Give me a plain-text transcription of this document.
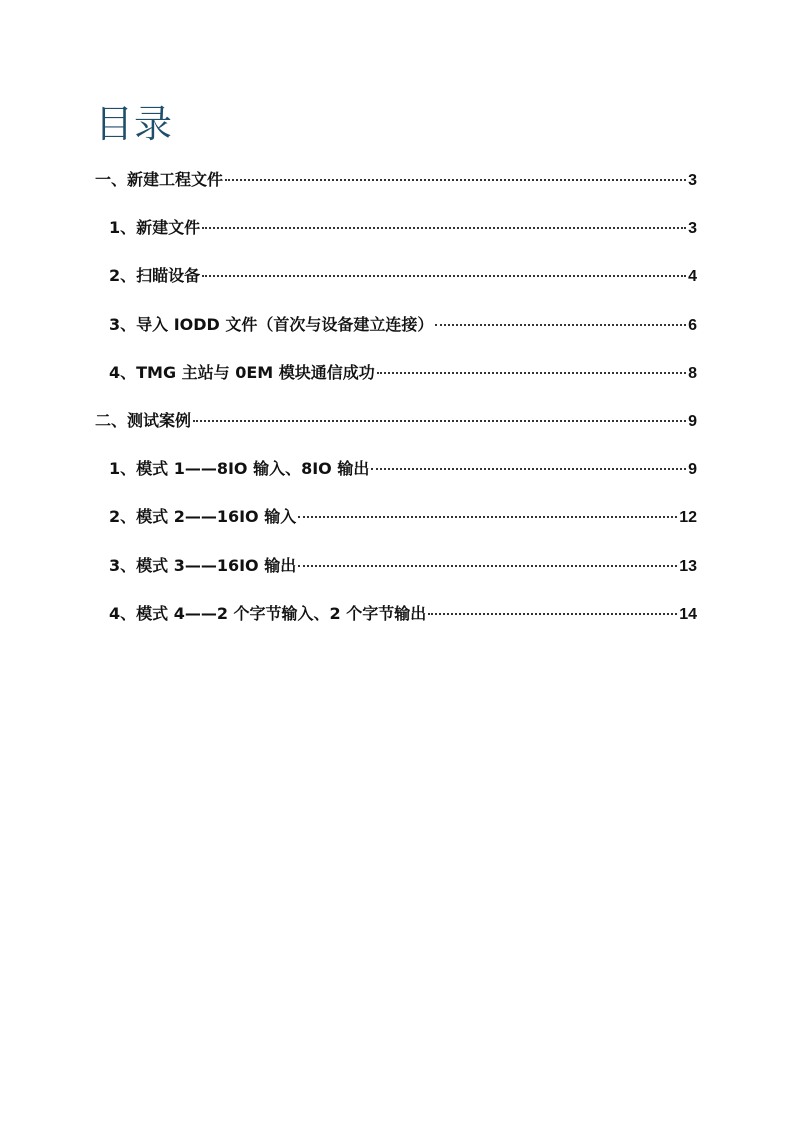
目录
一、新建工程文件	3
1、新建文件	3
2、扫瞄设备	4
3、导入 IODD 文件（首次与设备建立连接）	6
4、TMG 主站与 0EM 模块通信成功	8
二、测试案例	9
1、模式 1——8IO 输入、8IO 输出	9
2、模式 2——16IO 输入	12
3、模式 3——16IO 输出	13
4、模式 4——2 个字节输入、2 个字节输出	14
